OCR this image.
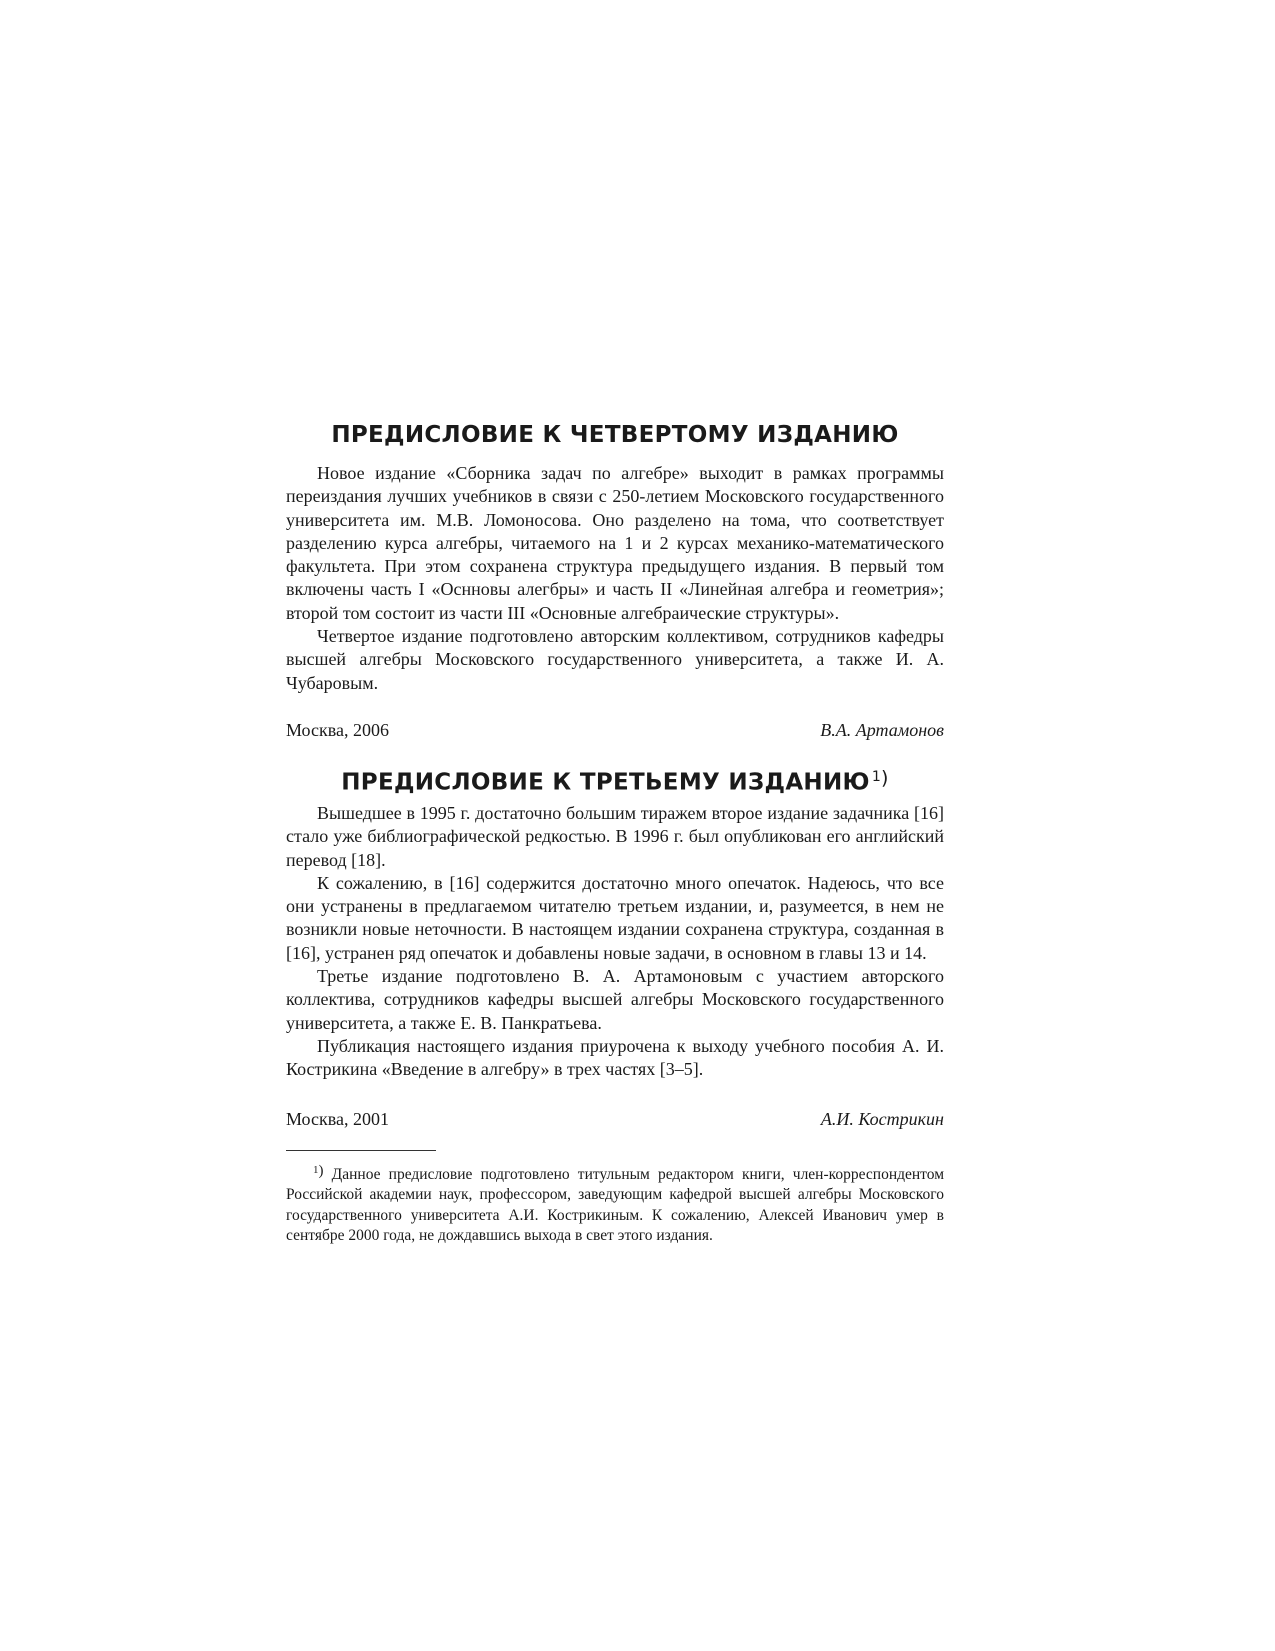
ПРЕДИСЛОВИЕ К ЧЕТВЕРТОМУ ИЗДАНИЮ

Новое издание «Сборника задач по алгебре» выходит в рамках программы переиздания лучших учебников в связи с 250-летием Московского государственного университета им. М.В. Ломоносова. Оно разделено на тома, что соответствует разделению курса алгебры, читаемого на 1 и 2 курсах механико-математического факультета. При этом сохранена структура предыдущего издания. В первый том включены часть I «Оснновы алегбры» и часть II «Линейная алгебра и геометрия»; второй том состоит из части III «Основные алгебраические структуры».

Четвертое издание подготовлено авторским коллективом, сотрудников кафедры высшей алгебры Московского государственного университета, а также И. А. Чубаровым.

Москва, 2006	В.А. Артамонов
ПРЕДИСЛОВИЕ К ТРЕТЬЕМУ ИЗДАНИЮ $^{1)}$

Вышедшее в 1995 г. достаточно большим тиражем второе издание задачника [16] стало уже библиографической редкостью. В 1996 г. был опубликован его английский перевод [18].

К сожалению, в [16] содержится достаточно много опечаток. Надеюсь, что все они устранены в предлагаемом читателю третьем издании, и, разумеется, в нем не возникли новые неточности. В настоящем издании сохранена структура, созданная в [16], устранен ряд опечаток и добавлены новые задачи, в основном в главы 13 и 14.

Третье издание подготовлено В. А. Артамоновым с участием авторского коллектива, сотрудников кафедры высшей алгебры Московского государственного университета, а также Е. В. Панкратьева.

Публикация настоящего издания приурочена к выходу учебного пособия А. И. Кострикина «Введение в алгебру» в трех частях [3–5].

Москва, 2001	А.И. Кострикин

$^{1)}$ Данное предисловие подготовлено титульным редактором книги, член-корреспондентом Российской академии наук, профессором, заведующим кафедрой высшей алгебры Московского государственного университета А.И. Кострикиным. К сожалению, Алексей Иванович умер в сентябре 2000 года, не дождавшись выхода в свет этого издания.
